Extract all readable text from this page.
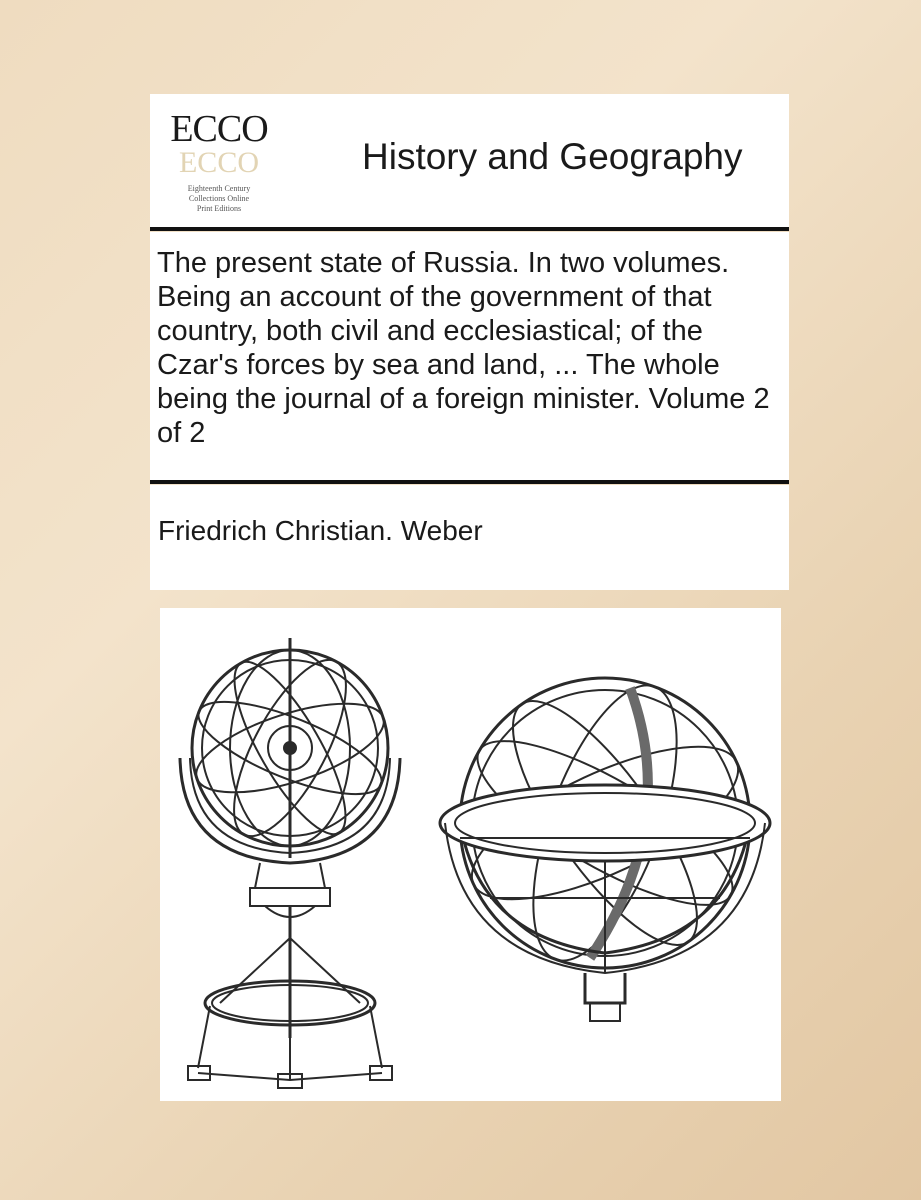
ECCO
ECCO
Eighteenth Century
Collections Online
Print Editions
History and Geography
The present state of Russia. In two volumes. Being an account of the government of that country, both civil and ecclesiastical; of the Czar's forces by sea and land, ... The whole being the journal of a foreign minister. Volume 2 of 2
Friedrich Christian. Weber
